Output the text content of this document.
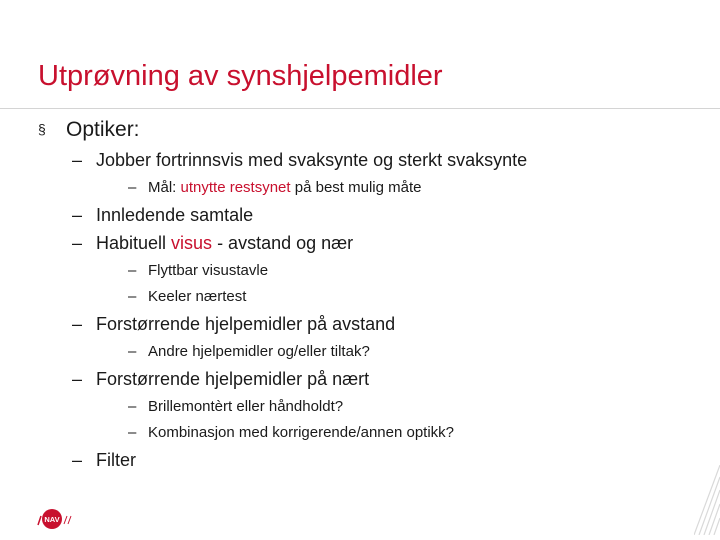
Utprøvning av synshjelpemidler
§ Optiker:
– Jobber fortrinnsvis med svaksynte og sterkt svaksynte
– Mål: utnytte restsynet på best mulig måte
– Innledende samtale
– Habituell visus - avstand og nær
– Flyttbar visustavle
– Keeler nærtest
– Forstørrende hjelpemidler på avstand
– Andre hjelpemidler og/eller tiltak?
– Forstørrende hjelpemidler på nært
– Brillemontèrt eller håndholdt?
– Kombinasjon med korrigerende/annen optikk?
– Filter
NAV
